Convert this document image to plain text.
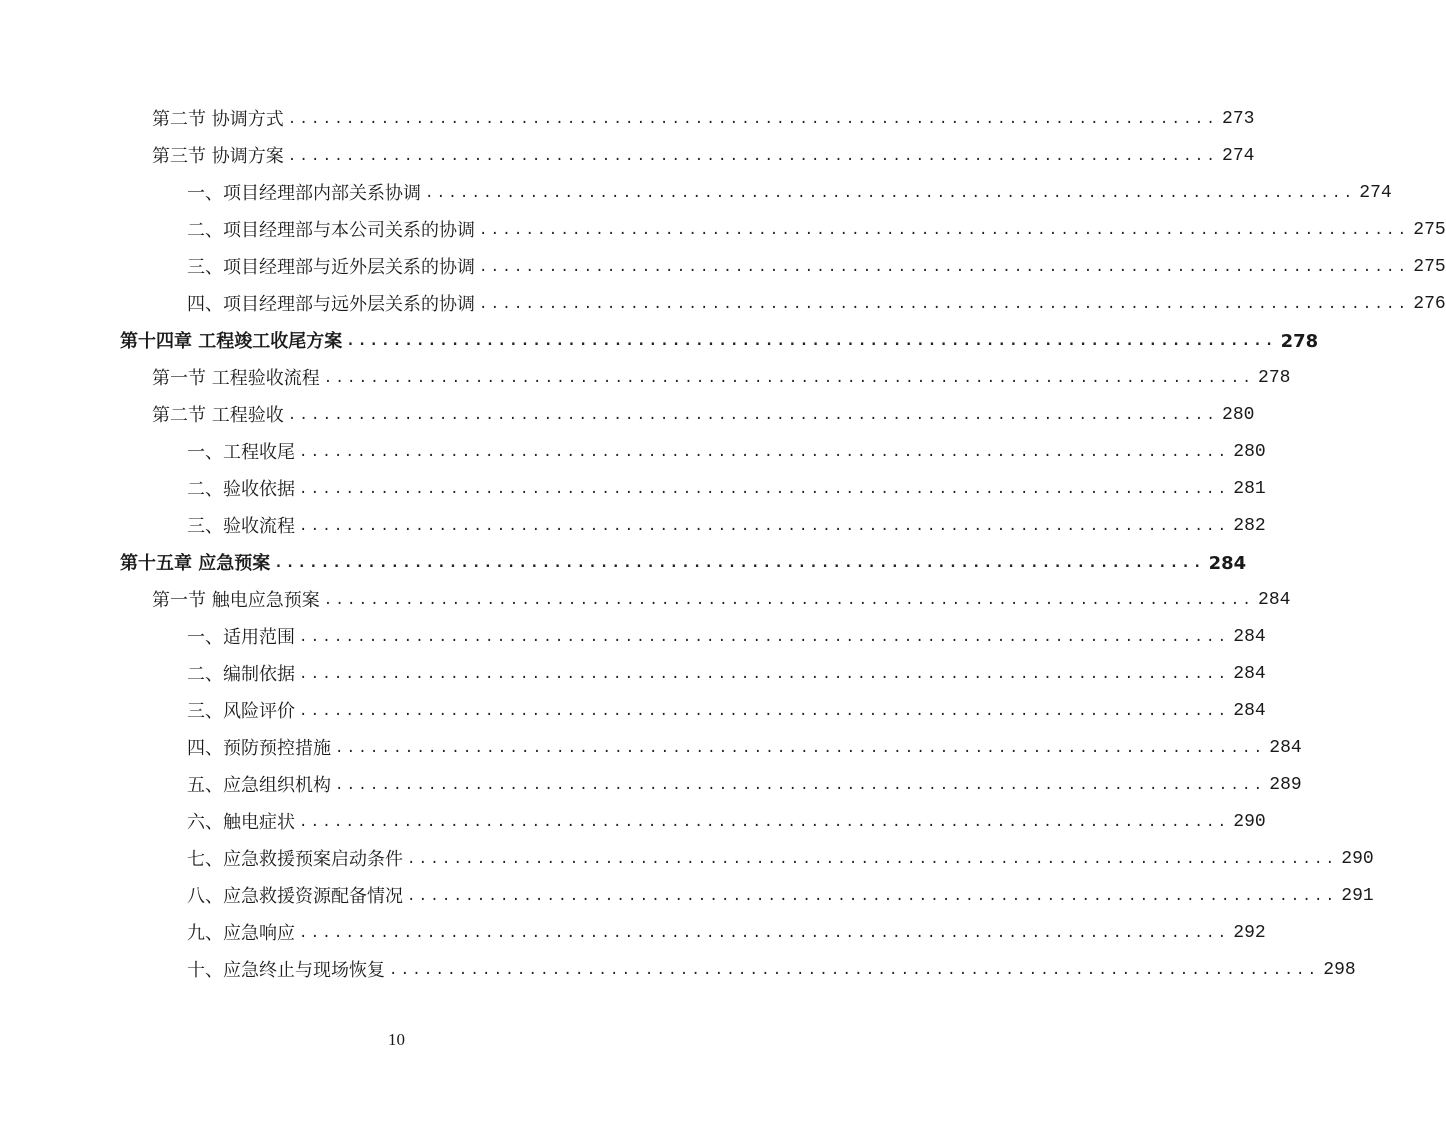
第二节 协调方式 ................................................................................ 273
第三节 协调方案 ................................................................................ 274
一、项目经理部内部关系协调 ................................................................................ 274
二、项目经理部与本公司关系的协调 ................................................................................ 275
三、项目经理部与近外层关系的协调 ................................................................................ 275
四、项目经理部与远外层关系的协调 ................................................................................ 276
第十四章 工程竣工收尾方案 ................................................................................ 278
第一节 工程验收流程 ................................................................................ 278
第二节 工程验收 ................................................................................ 280
一、工程收尾 ................................................................................ 280
二、验收依据 ................................................................................ 281
三、验收流程 ................................................................................ 282
第十五章 应急预案 ................................................................................ 284
第一节 触电应急预案 ................................................................................ 284
一、适用范围 ................................................................................ 284
二、编制依据 ................................................................................ 284
三、风险评价 ................................................................................ 284
四、预防预控措施 ................................................................................ 284
五、应急组织机构 ................................................................................ 289
六、触电症状 ................................................................................ 290
七、应急救援预案启动条件 ................................................................................ 290
八、应急救援资源配备情况 ................................................................................ 291
九、应急响应 ................................................................................ 292
十、应急终止与现场恢复 ................................................................................ 298
10
